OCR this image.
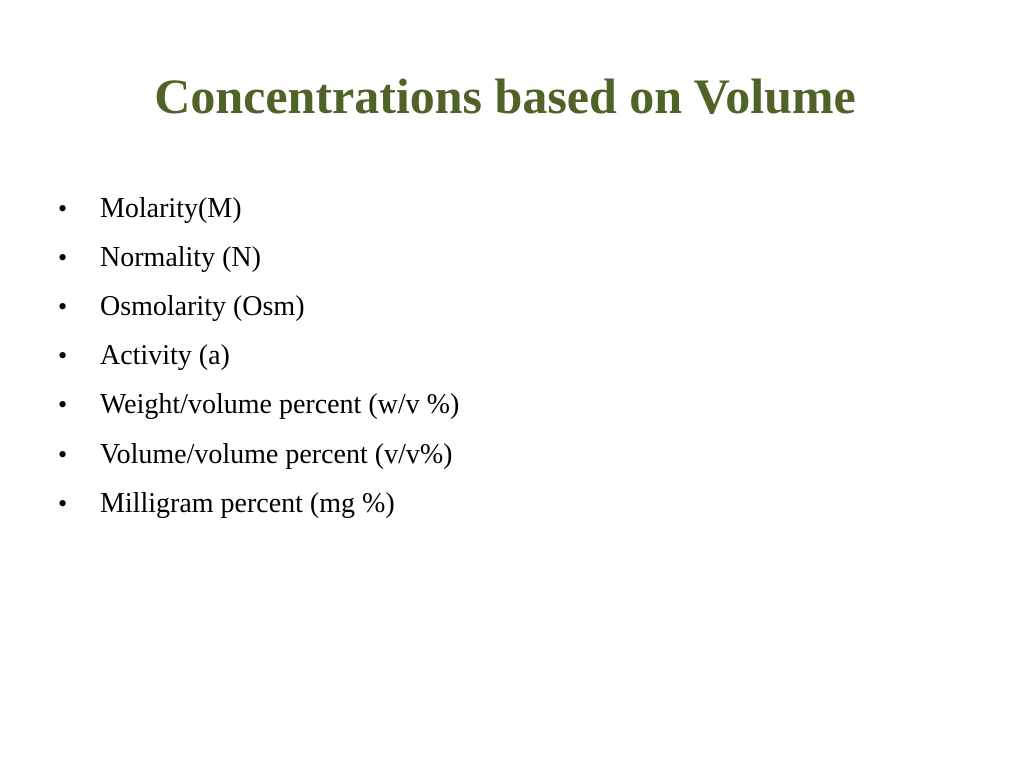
Concentrations based on Volume
•	Molarity(M)
•	Normality (N)
•	Osmolarity (Osm)
•	Activity (a)
•	Weight/volume percent (w/v %)
•	Volume/volume percent (v/v%)
•	Milligram percent (mg %)
